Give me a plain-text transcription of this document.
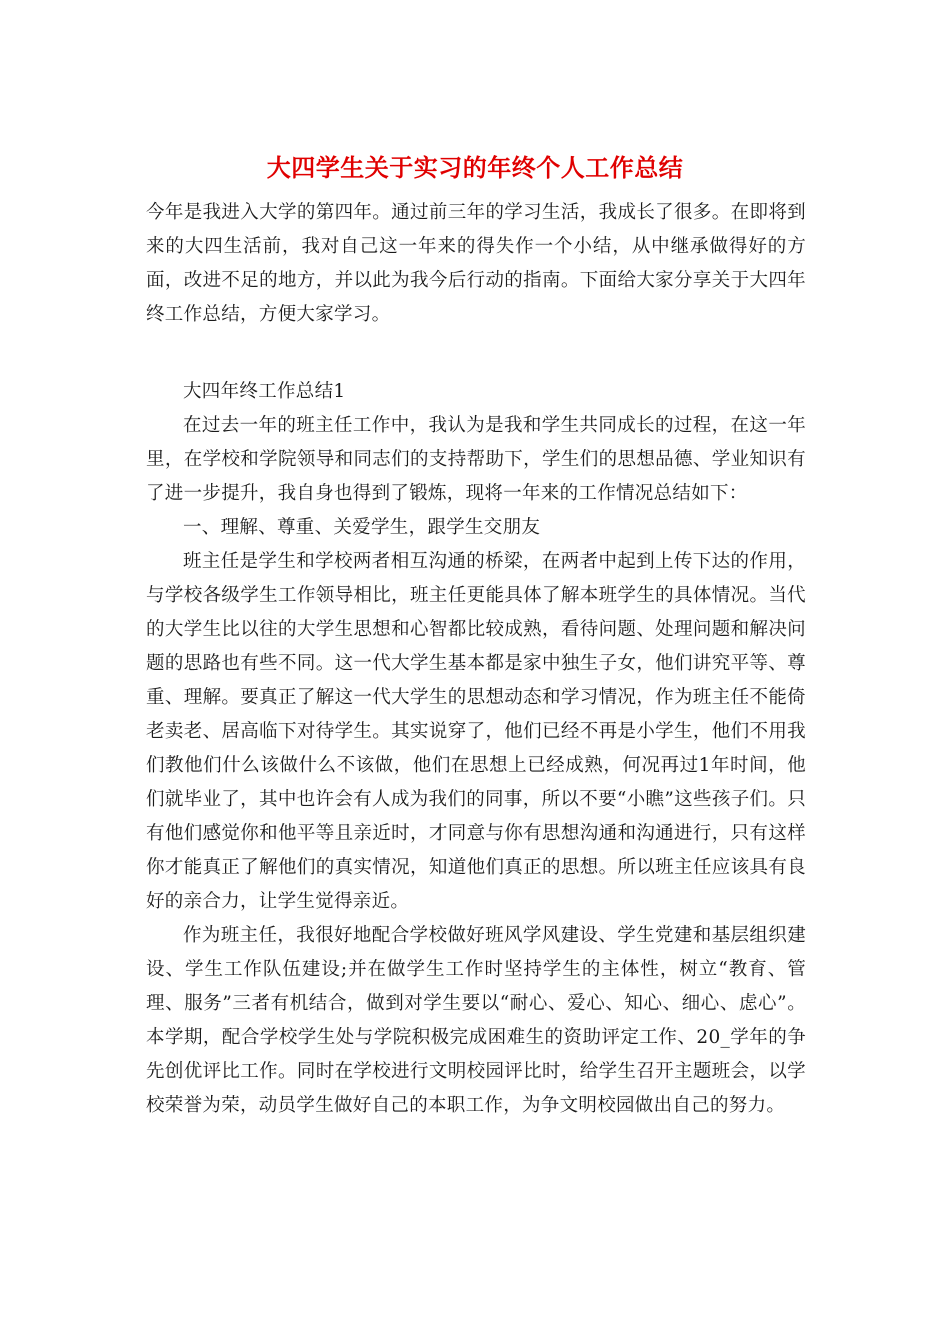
大四学生关于实习的年终个人工作总结

今年是我进入大学的第四年。通过前三年的学习生活，我成长了很多。在即将到来的大四生活前，我对自己这一年来的得失作一个小结，从中继承做得好的方面，改进不足的地方，并以此为我今后行动的指南。下面给大家分享关于大四年终工作总结，方便大家学习。

大四年终工作总结1

在过去一年的班主任工作中，我认为是我和学生共同成长的过程，在这一年里，在学校和学院领导和同志们的支持帮助下，学生们的思想品德、学业知识有了进一步提升，我自身也得到了锻炼，现将一年来的工作情况总结如下：

一、理解、尊重、关爱学生，跟学生交朋友

班主任是学生和学校两者相互沟通的桥梁，在两者中起到上传下达的作用，与学校各级学生工作领导相比，班主任更能具体了解本班学生的具体情况。当代的大学生比以往的大学生思想和心智都比较成熟，看待问题、处理问题和解决问题的思路也有些不同。这一代大学生基本都是家中独生子女，他们讲究平等、尊重、理解。要真正了解这一代大学生的思想动态和学习情况，作为班主任不能倚老卖老、居高临下对待学生。其实说穿了，他们已经不再是小学生，他们不用我们教他们什么该做什么不该做，他们在思想上已经成熟，何况再过1年时间，他们就毕业了，其中也许会有人成为我们的同事，所以不要“小瞧”这些孩子们。只有他们感觉你和他平等且亲近时，才同意与你有思想沟通和沟通进行，只有这样你才能真正了解他们的真实情况，知道他们真正的思想。所以班主任应该具有良好的亲合力，让学生觉得亲近。

作为班主任，我很好地配合学校做好班风学风建设、学生党建和基层组织建设、学生工作队伍建设;并在做学生工作时坚持学生的主体性，树立“教育、管理、服务”三者有机结合，做到对学生要以“耐心、爱心、知心、细心、虑心”。本学期，配合学校学生处与学院积极完成困难生的资助评定工作、20_学年的争先创优评比工作。同时在学校进行文明校园评比时，给学生召开主题班会，以学校荣誉为荣，动员学生做好自己的本职工作，为争文明校园做出自己的努力。
